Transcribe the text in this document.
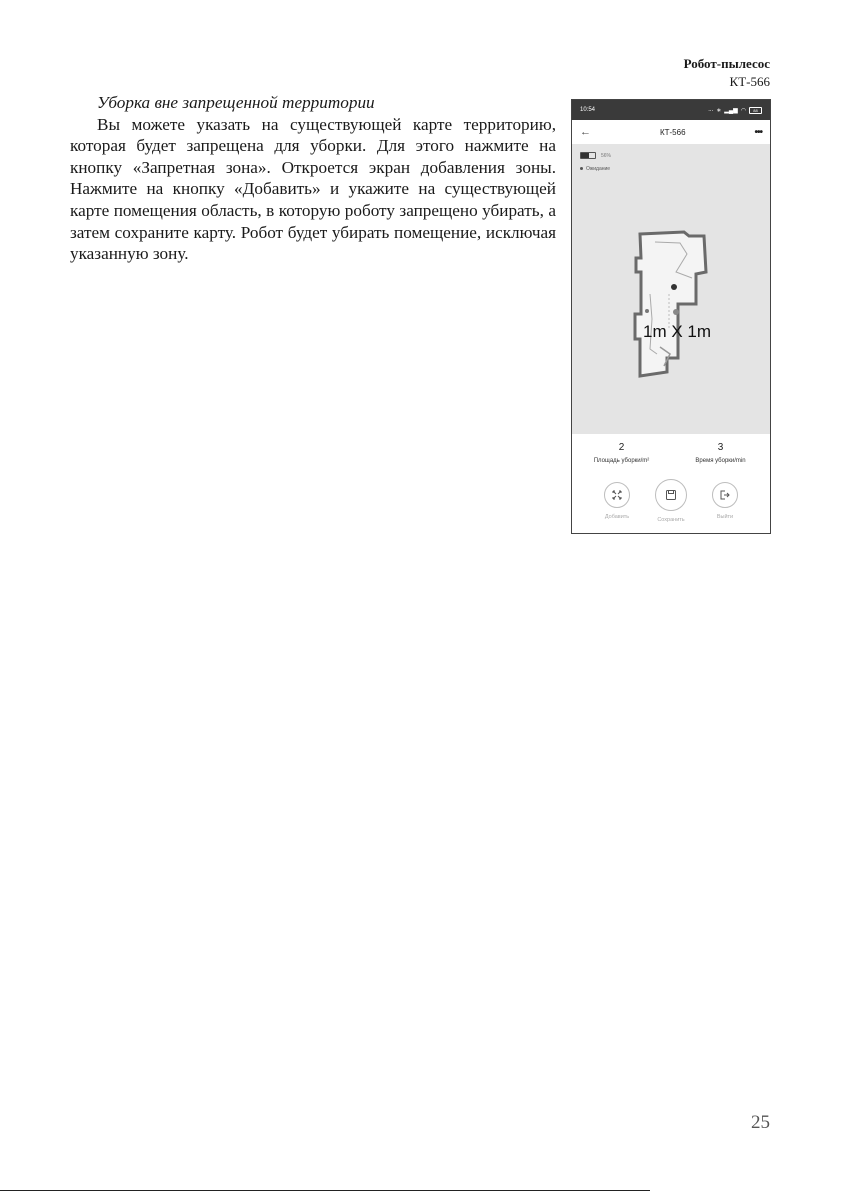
Робот-пылесос
КТ-566
Уборка вне запрещенной территории

Вы можете указать на существующей карте территорию, которая будет запрещена для уборки. Для этого нажмите на кнопку «Запретная зона». Откроется экран добавления зоны. Нажмите на кнопку «Добавить» и укажите на существующей карте помещения область, в которую роботу запрещено убирать, а затем сохраните карту. Робот будет убирать помещение, исключая указанную зону.

10:54	... ∗ ▂▄▆ ◠	88
←	КТ-566	•••
56%
Ожидание
1m X 1m
2
Площадь уборки/m²
3
Время уборки/min
Добавить	Сохранить	Выйти
25
